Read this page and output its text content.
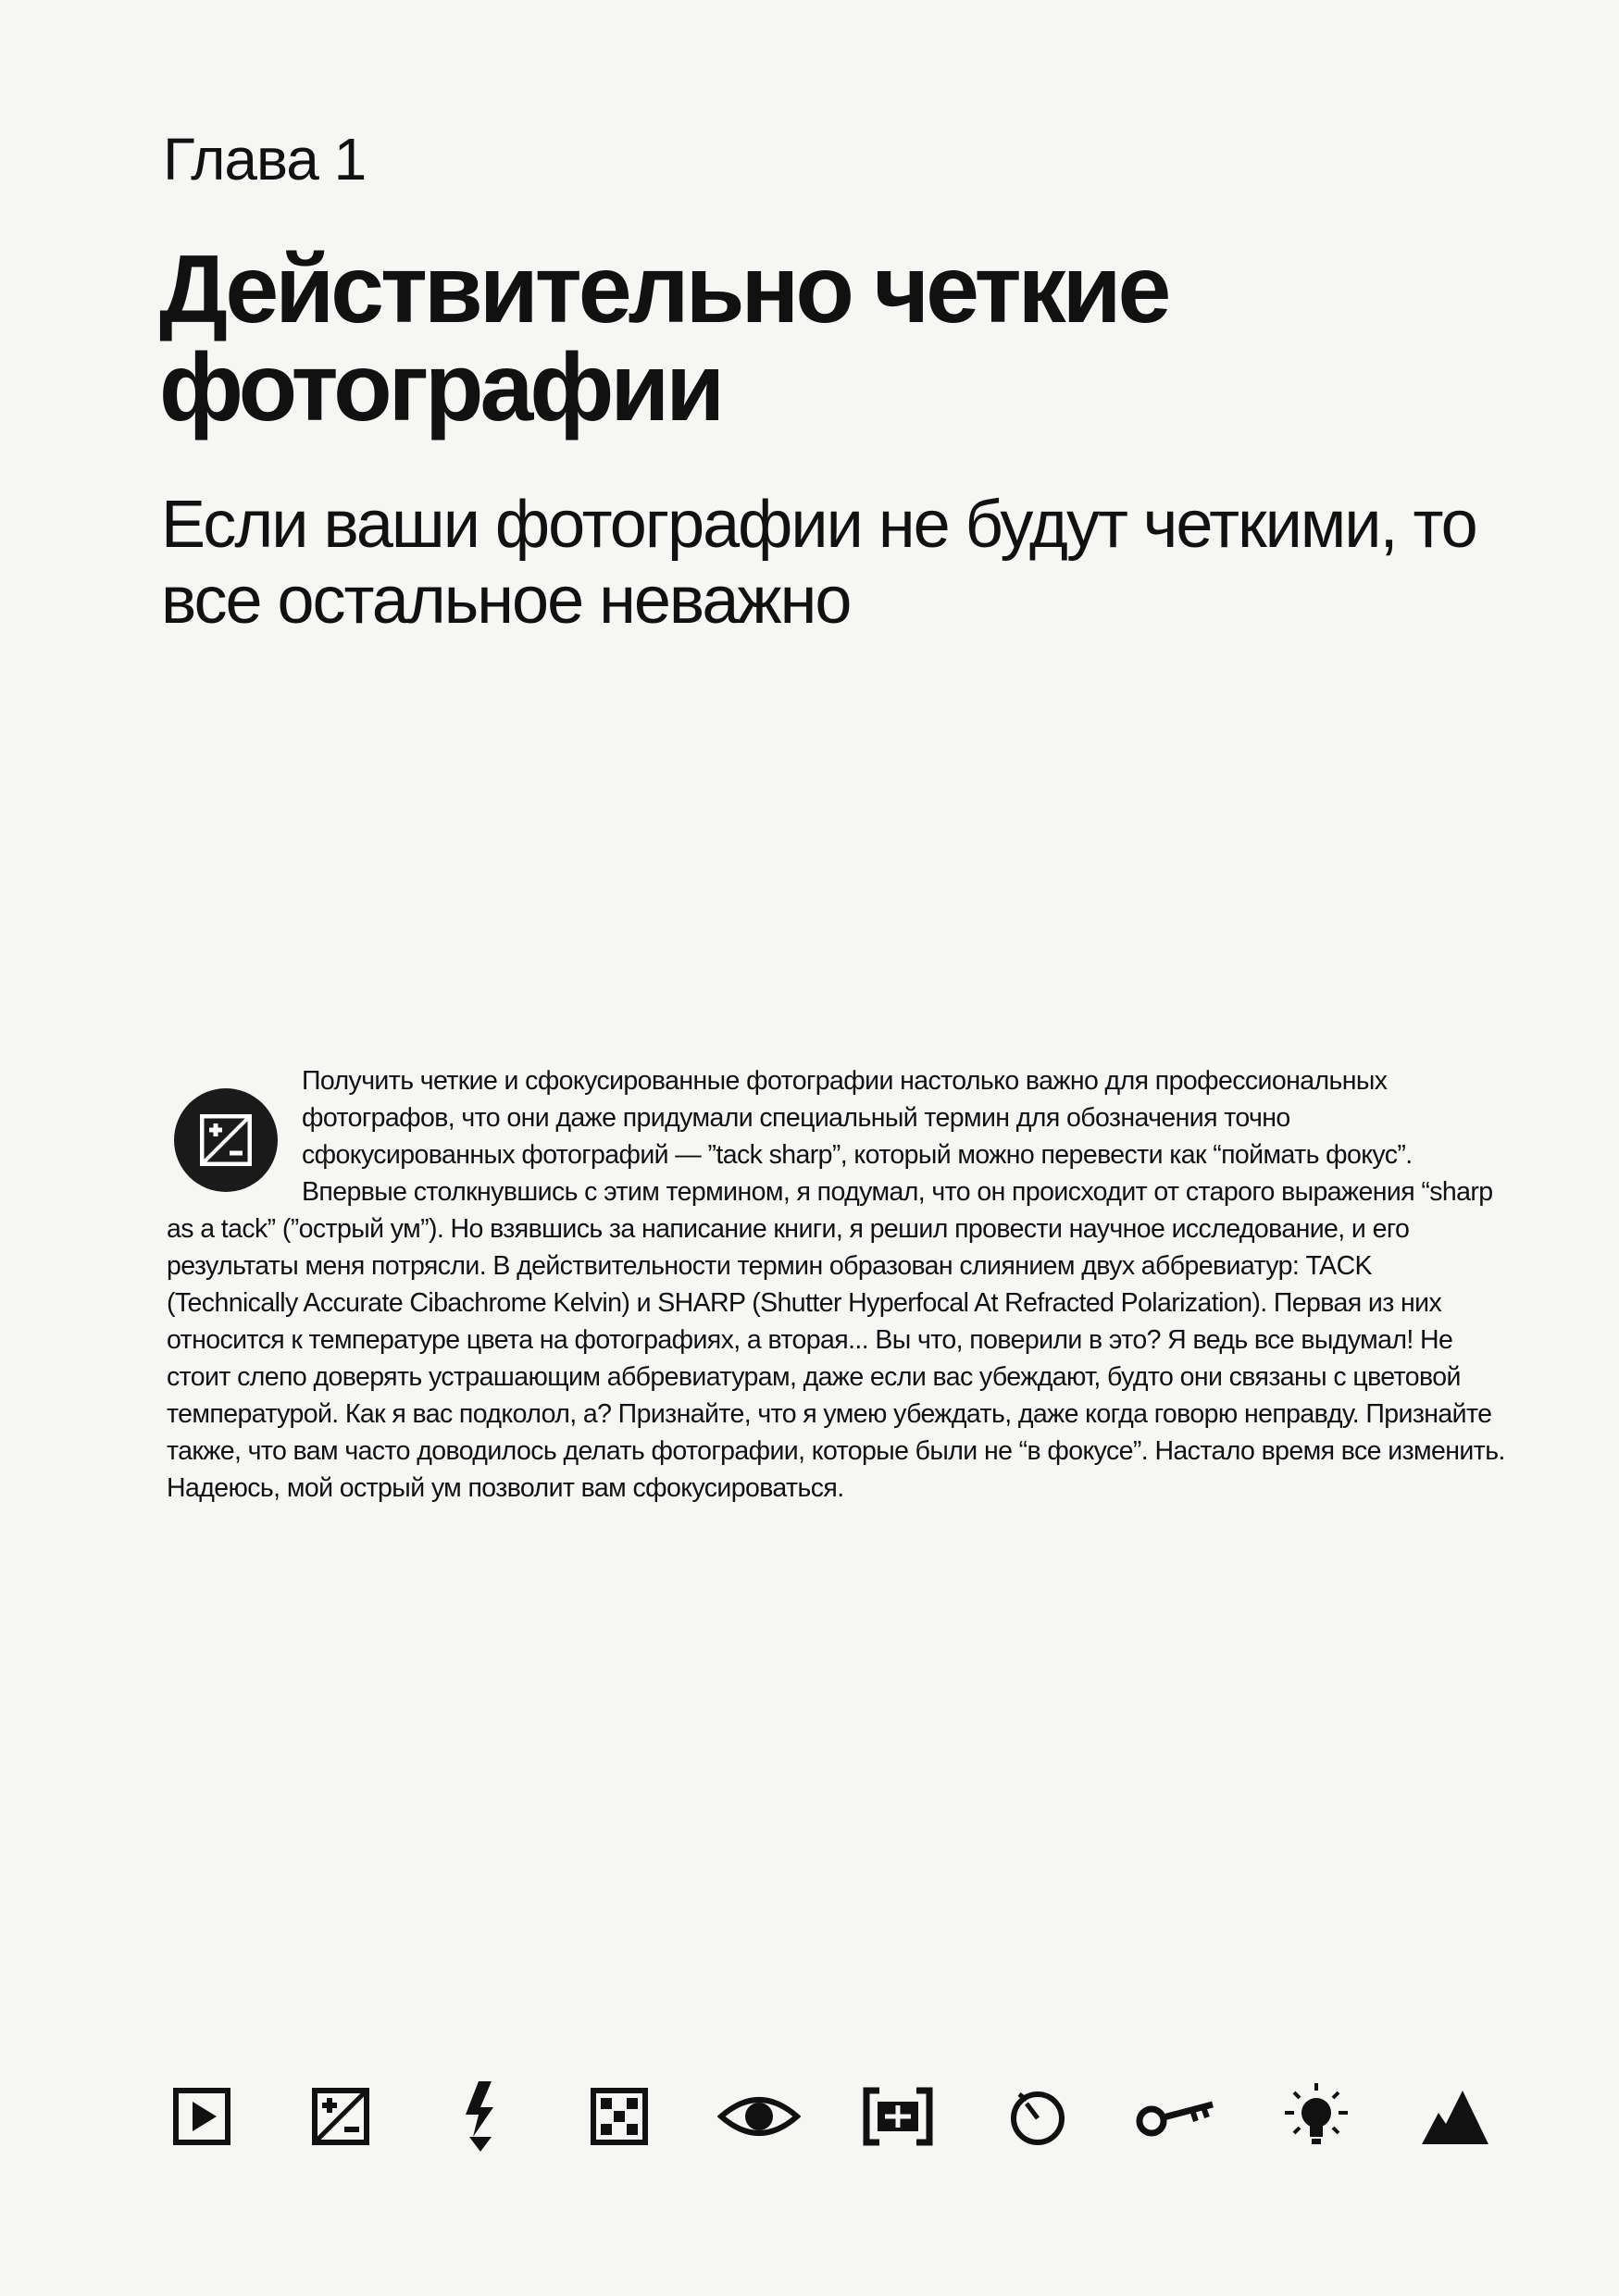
Глава 1
Действительно четкие фотографии
Если ваши фотографии не будут четкими, то все остальное неважно

Получить четкие и сфокусированные фотографии настолько важно для профессиональных фотографов, что они даже придумали специальный термин для обозначения точно сфокусированных фотографий — ”tack sharp”, который можно перевести как “поймать фокус”. Впервые столкнувшись с этим термином, я подумал, что он происходит от старого выражения “sharp as a tack” (”острый ум”). Но взявшись за написание книги, я решил провести научное исследование, и его результаты меня потрясли. В действительности термин образован слиянием двух аббревиатур: TACK (Technically Accurate Cibachrome Kelvin) и SHARP (Shutter Hyperfocal At Refracted Polarization). Первая из них относится к температуре цвета на фотографиях, а вторая... Вы что, поверили в это? Я ведь все выдумал! Не стоит слепо доверять устрашающим аббревиатурам, даже если вас убеждают, будто они связаны с цветовой температурой. Как я вас подколол, а? Признайте, что я умею убеждать, даже когда говорю неправду. Признайте также, что вам часто доводилось делать фотографии, которые были не “в фокусе”. Настало время все изменить. Надеюсь, мой острый ум позволит вам сфокусироваться.
